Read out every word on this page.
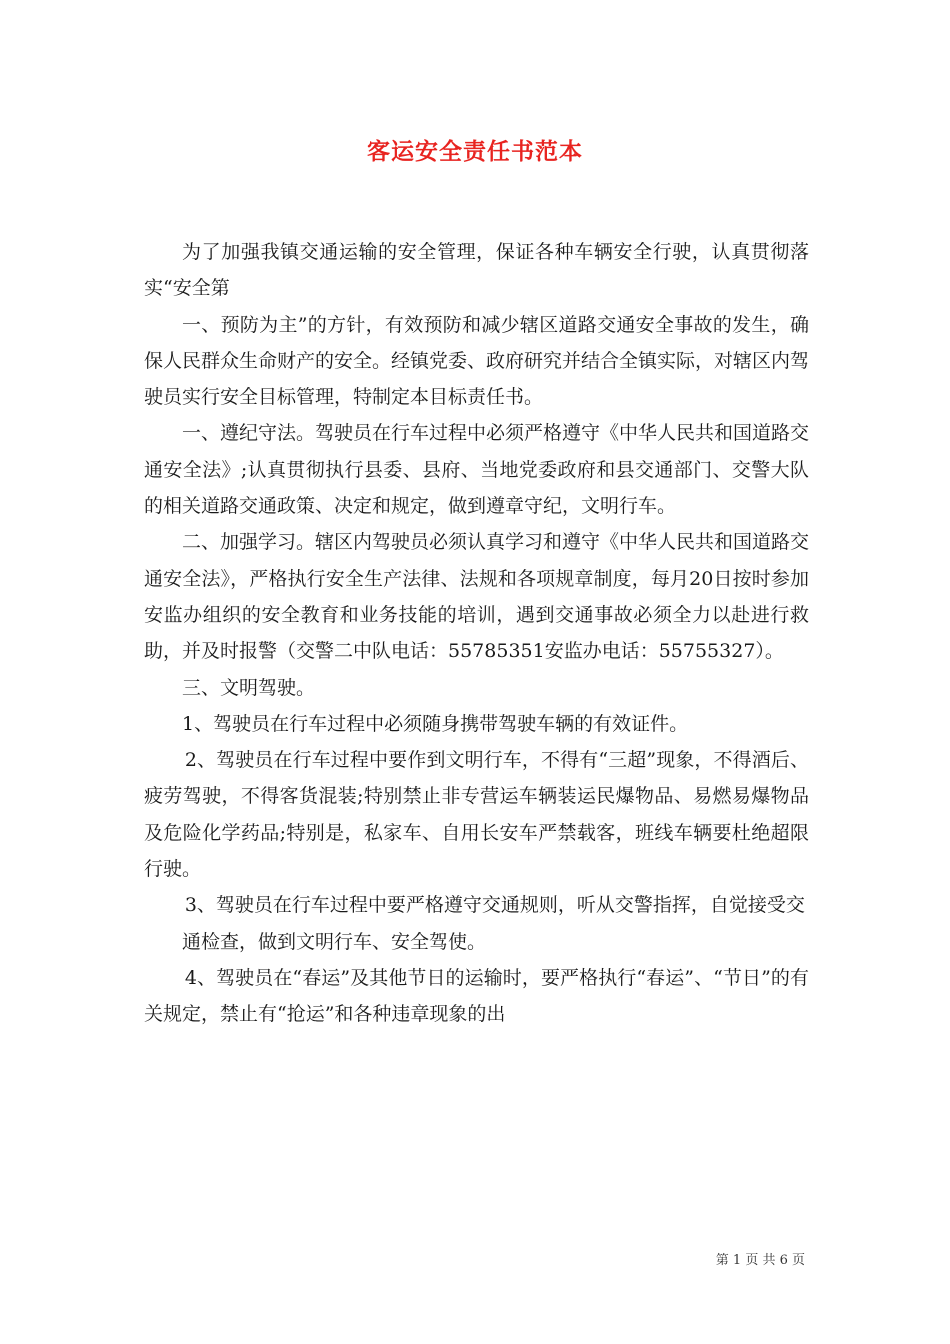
客运安全责任书范本

为了加强我镇交通运输的安全管理，保证各种车辆安全行驶，认真贯彻落实“安全第

一、预防为主”的方针，有效预防和减少辖区道路交通安全事故的发生，确保人民群众生命财产的安全。经镇党委、政府研究并结合全镇实际，对辖区内驾驶员实行安全目标管理，特制定本目标责任书。

一、遵纪守法。驾驶员在行车过程中必须严格遵守《中华人民共和国道路交通安全法》;认真贯彻执行县委、县府、当地党委政府和县交通部门、交警大队的相关道路交通政策、决定和规定，做到遵章守纪，文明行车。

二、加强学习。辖区内驾驶员必须认真学习和遵守《中华人民共和国道路交通安全法》，严格执行安全生产法律、法规和各项规章制度，每月20日按时参加安监办组织的安全教育和业务技能的培训，遇到交通事故必须全力以赴进行救助，并及时报警（交警二中队电话：55785351安监办电话：55755327）。

三、文明驾驶。

1、驾驶员在行车过程中必须随身携带驾驶车辆的有效证件。

2、驾驶员在行车过程中要作到文明行车，不得有“三超”现象，不得酒后、疲劳驾驶，不得客货混装;特别禁止非专营运车辆装运民爆物品、易燃易爆物品及危险化学药品;特别是，私家车、自用长安车严禁载客，班线车辆要杜绝超限行驶。

3、驾驶员在行车过程中要严格遵守交通规则，听从交警指挥，自觉接受交

通检查，做到文明行车、安全驾使。

4、驾驶员在“春运”及其他节日的运输时，要严格执行“春运”、“节日”的有关规定，禁止有“抢运”和各种违章现象的出

第 1 页 共 6 页
